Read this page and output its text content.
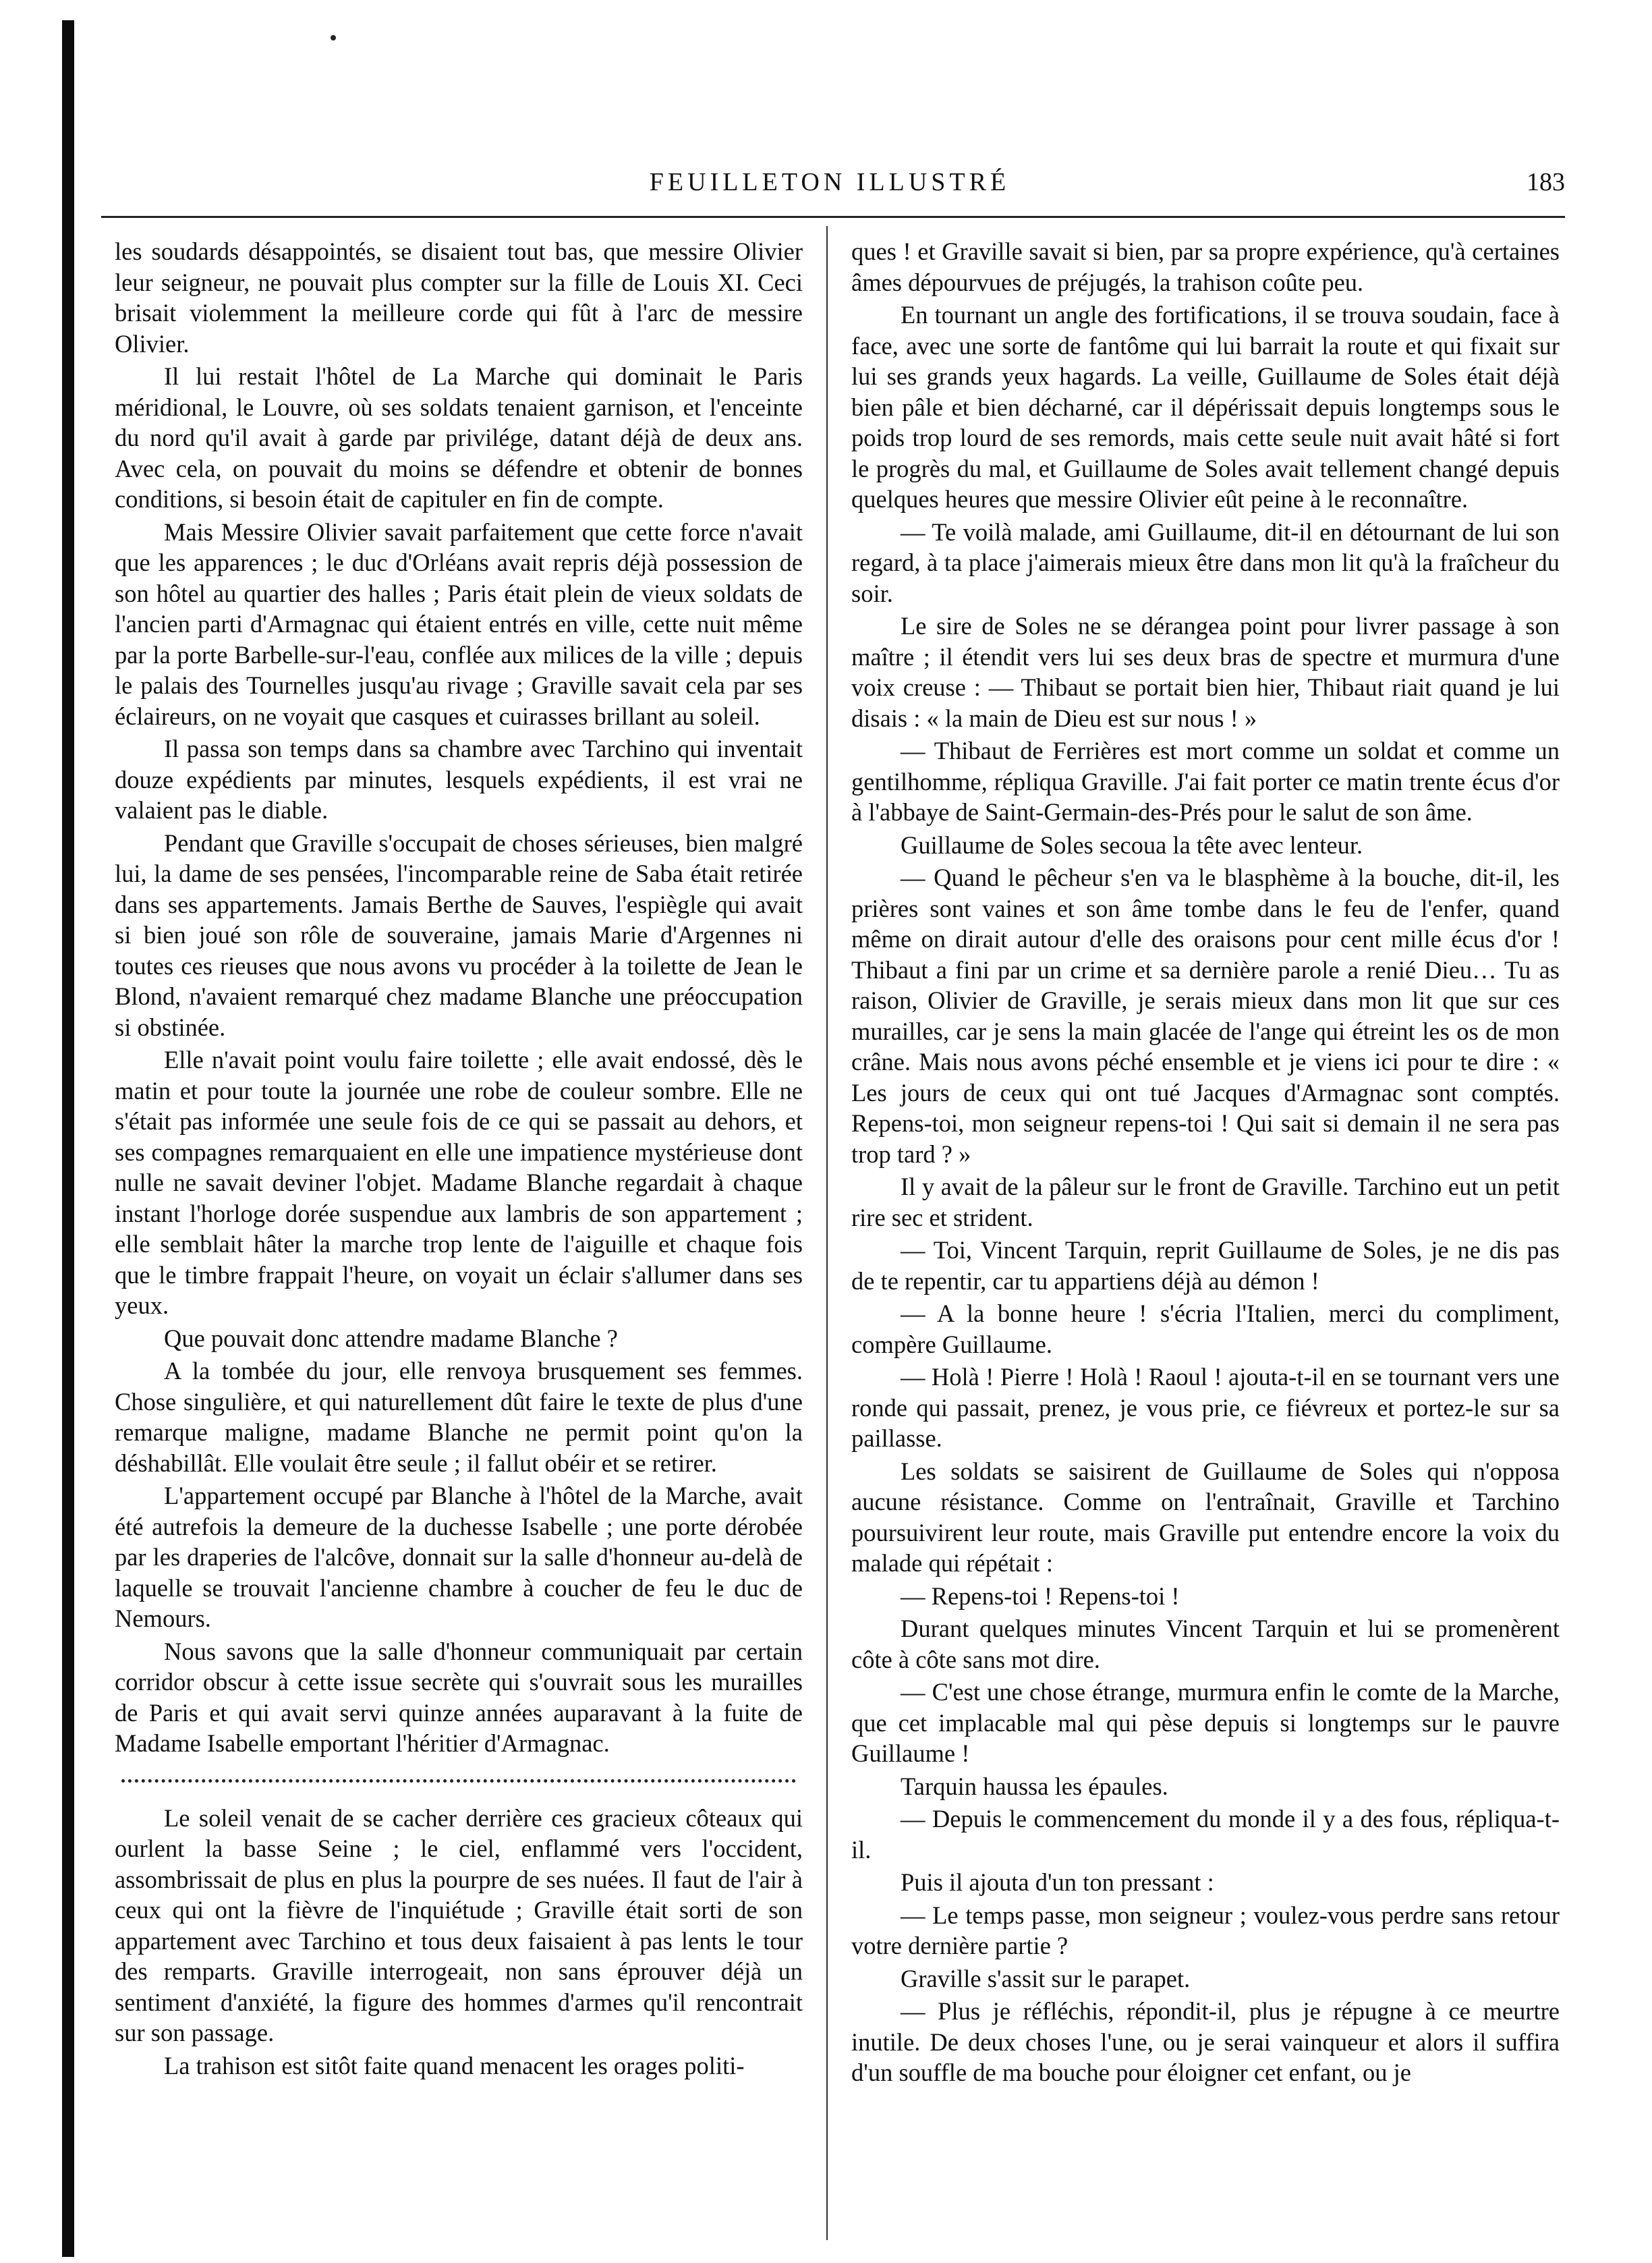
FEUILLETON ILLUSTRÉ	183

les soudards désappointés, se disaient tout bas, que messire Olivier leur seigneur, ne pouvait plus compter sur la fille de Louis XI. Ceci brisait violemment la meilleure corde qui fût à l'arc de messire Olivier.

Il lui restait l'hôtel de La Marche qui dominait le Paris méridional, le Louvre, où ses soldats tenaient garnison, et l'enceinte du nord qu'il avait à garde par privilége, datant déjà de deux ans. Avec cela, on pouvait du moins se défendre et obtenir de bonnes conditions, si besoin était de capituler en fin de compte.

Mais Messire Olivier savait parfaitement que cette force n'avait que les apparences ; le duc d'Orléans avait repris déjà possession de son hôtel au quartier des halles ; Paris était plein de vieux soldats de l'ancien parti d'Armagnac qui étaient entrés en ville, cette nuit même par la porte Barbelle-sur-l'eau, conflée aux milices de la ville ; depuis le palais des Tournelles jusqu'au rivage ; Graville savait cela par ses éclaireurs, on ne voyait que casques et cuirasses brillant au soleil.

Il passa son temps dans sa chambre avec Tarchino qui inventait douze expédients par minutes, lesquels expédients, il est vrai ne valaient pas le diable.

Pendant que Graville s'occupait de choses sérieuses, bien malgré lui, la dame de ses pensées, l'incomparable reine de Saba était retirée dans ses appartements. Jamais Berthe de Sauves, l'espiègle qui avait si bien joué son rôle de souveraine, jamais Marie d'Argennes ni toutes ces rieuses que nous avons vu procéder à la toilette de Jean le Blond, n'avaient remarqué chez madame Blanche une préoccupation si obstinée.

Elle n'avait point voulu faire toilette ; elle avait endossé, dès le matin et pour toute la journée une robe de couleur sombre. Elle ne s'était pas informée une seule fois de ce qui se passait au dehors, et ses compagnes remarquaient en elle une impatience mystérieuse dont nulle ne savait deviner l'objet. Madame Blanche regardait à chaque instant l'horloge dorée suspendue aux lambris de son appartement ; elle semblait hâter la marche trop lente de l'aiguille et chaque fois que le timbre frappait l'heure, on voyait un éclair s'allumer dans ses yeux.

Que pouvait donc attendre madame Blanche ?

A la tombée du jour, elle renvoya brusquement ses femmes. Chose singulière, et qui naturellement dût faire le texte de plus d'une remarque maligne, madame Blanche ne permit point qu'on la déshabillât. Elle voulait être seule ; il fallut obéir et se retirer.

L'appartement occupé par Blanche à l'hôtel de la Marche, avait été autrefois la demeure de la duchesse Isabelle ; une porte dérobée par les draperies de l'alcôve, donnait sur la salle d'honneur au-delà de laquelle se trouvait l'ancienne chambre à coucher de feu le duc de Nemours.

Nous savons que la salle d'honneur communiquait par certain corridor obscur à cette issue secrète qui s'ouvrait sous les murailles de Paris et qui avait servi quinze années auparavant à la fuite de Madame Isabelle emportant l'héritier d'Armagnac.

Le soleil venait de se cacher derrière ces gracieux côteaux qui ourlent la basse Seine ; le ciel, enflammé vers l'occident, assombrissait de plus en plus la pourpre de ses nuées. Il faut de l'air à ceux qui ont la fièvre de l'inquiétude ; Graville était sorti de son appartement avec Tarchino et tous deux faisaient à pas lents le tour des remparts. Graville interrogeait, non sans éprouver déjà un sentiment d'anxiété, la figure des hommes d'armes qu'il rencontrait sur son passage.

La trahison est sitôt faite quand menacent les orages politi-

ques ! et Graville savait si bien, par sa propre expérience, qu'à certaines âmes dépourvues de préjugés, la trahison coûte peu.

En tournant un angle des fortifications, il se trouva soudain, face à face, avec une sorte de fantôme qui lui barrait la route et qui fixait sur lui ses grands yeux hagards. La veille, Guillaume de Soles était déjà bien pâle et bien décharné, car il dépérissait depuis longtemps sous le poids trop lourd de ses remords, mais cette seule nuit avait hâté si fort le progrès du mal, et Guillaume de Soles avait tellement changé depuis quelques heures que messire Olivier eût peine à le reconnaître.

— Te voilà malade, ami Guillaume, dit-il en détournant de lui son regard, à ta place j'aimerais mieux être dans mon lit qu'à la fraîcheur du soir.

Le sire de Soles ne se dérangea point pour livrer passage à son maître ; il étendit vers lui ses deux bras de spectre et murmura d'une voix creuse : — Thibaut se portait bien hier, Thibaut riait quand je lui disais : « la main de Dieu est sur nous ! »

— Thibaut de Ferrières est mort comme un soldat et comme un gentilhomme, répliqua Graville. J'ai fait porter ce matin trente écus d'or à l'abbaye de Saint-Germain-des-Prés pour le salut de son âme.

Guillaume de Soles secoua la tête avec lenteur.

— Quand le pêcheur s'en va le blasphème à la bouche, dit-il, les prières sont vaines et son âme tombe dans le feu de l'enfer, quand même on dirait autour d'elle des oraisons pour cent mille écus d'or ! Thibaut a fini par un crime et sa dernière parole a renié Dieu… Tu as raison, Olivier de Graville, je serais mieux dans mon lit que sur ces murailles, car je sens la main glacée de l'ange qui étreint les os de mon crâne. Mais nous avons péché ensemble et je viens ici pour te dire : « Les jours de ceux qui ont tué Jacques d'Armagnac sont comptés. Repens-toi, mon seigneur repens-toi ! Qui sait si demain il ne sera pas trop tard ? »

Il y avait de la pâleur sur le front de Graville. Tarchino eut un petit rire sec et strident.

— Toi, Vincent Tarquin, reprit Guillaume de Soles, je ne dis pas de te repentir, car tu appartiens déjà au démon !

— A la bonne heure ! s'écria l'Italien, merci du compliment, compère Guillaume.

— Holà ! Pierre ! Holà ! Raoul ! ajouta-t-il en se tournant vers une ronde qui passait, prenez, je vous prie, ce fiévreux et portez-le sur sa paillasse.

Les soldats se saisirent de Guillaume de Soles qui n'opposa aucune résistance. Comme on l'entraînait, Graville et Tarchino poursuivirent leur route, mais Graville put entendre encore la voix du malade qui répétait :

— Repens-toi ! Repens-toi !

Durant quelques minutes Vincent Tarquin et lui se promenèrent côte à côte sans mot dire.

— C'est une chose étrange, murmura enfin le comte de la Marche, que cet implacable mal qui pèse depuis si longtemps sur le pauvre Guillaume !

Tarquin haussa les épaules.

— Depuis le commencement du monde il y a des fous, répliqua-t-il.

Puis il ajouta d'un ton pressant :

— Le temps passe, mon seigneur ; voulez-vous perdre sans retour votre dernière partie ?

Graville s'assit sur le parapet.

— Plus je réfléchis, répondit-il, plus je répugne à ce meurtre inutile. De deux choses l'une, ou je serai vainqueur et alors il suffira d'un souffle de ma bouche pour éloigner cet enfant, ou je
